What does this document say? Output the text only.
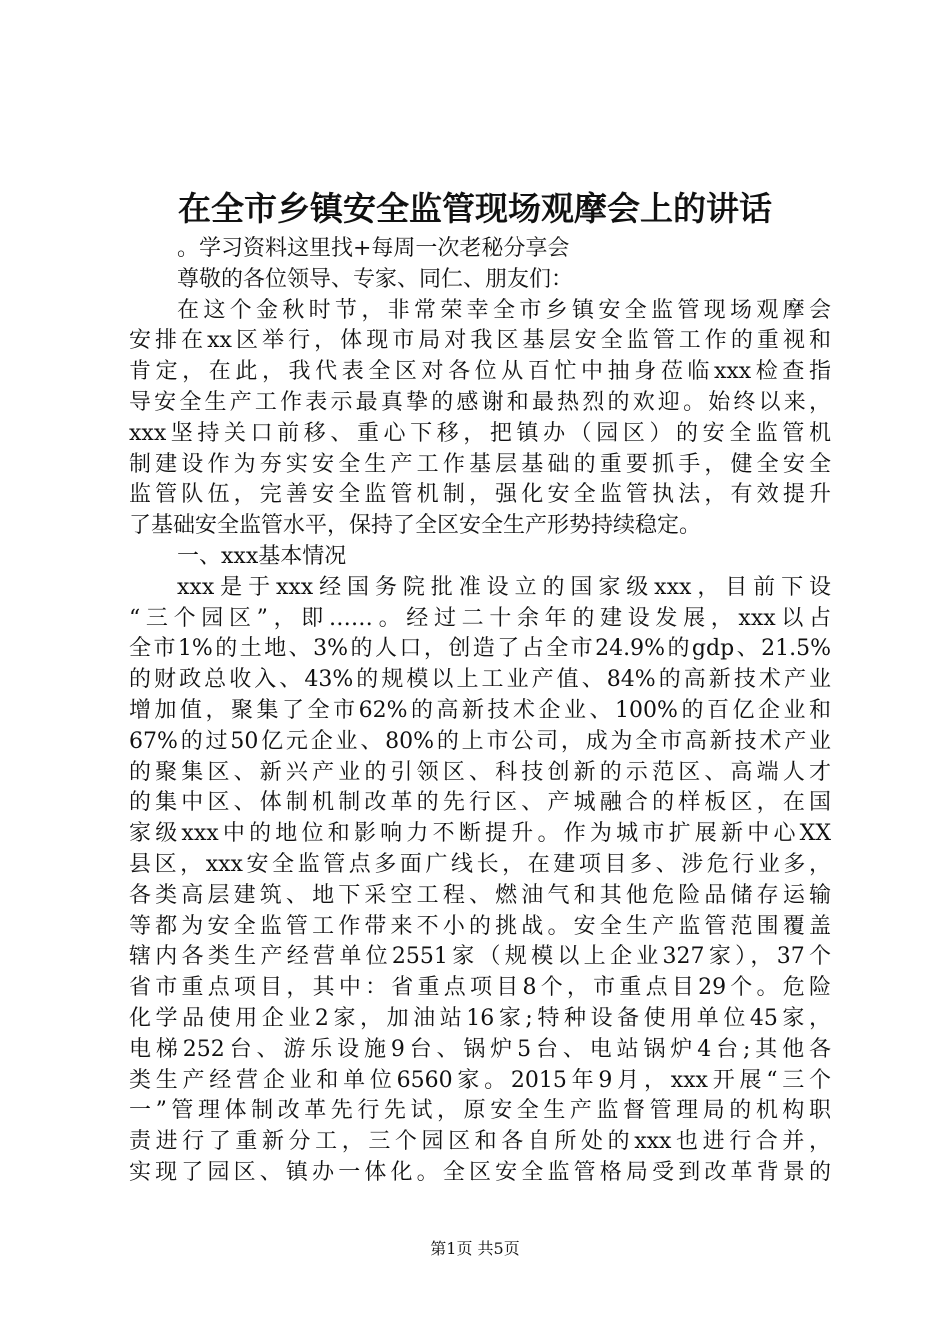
在全市乡镇安全监管现场观摩会上的讲话
。学习资料这里找+每周一次老秘分享会
尊敬的各位领导、专家、同仁、朋友们：
在这个金秋时节，非常荣幸全市乡镇安全监管现场观摩会
安排在xx区举行，体现市局对我区基层安全监管工作的重视和
肯定，在此，我代表全区对各位从百忙中抽身莅临xxx检查指
导安全生产工作表示最真挚的感谢和最热烈的欢迎。始终以来，
xxx坚持关口前移、重心下移，把镇办（园区）的安全监管机
制建设作为夯实安全生产工作基层基础的重要抓手，健全安全
监管队伍，完善安全监管机制，强化安全监管执法，有效提升
了基础安全监管水平，保持了全区安全生产形势持续稳定。
一、xxx基本情况
xxx是于xxx经国务院批准设立的国家级xxx，目前下设
“三个园区”，即……。经过二十余年的建设发展，xxx以占
全市1%的土地、3%的人口，创造了占全市24.9%的gdp、21.5%
的财政总收入、43%的规模以上工业产值、84%的高新技术产业
增加值，聚集了全市62%的高新技术企业、100%的百亿企业和
67%的过50亿元企业、80%的上市公司，成为全市高新技术产业
的聚集区、新兴产业的引领区、科技创新的示范区、高端人才
的集中区、体制机制改革的先行区、产城融合的样板区，在国
家级xxx中的地位和影响力不断提升。作为城市扩展新中心XX
县区，xxx安全监管点多面广线长，在建项目多、涉危行业多，
各类高层建筑、地下采空工程、燃油气和其他危险品储存运输
等都为安全监管工作带来不小的挑战。安全生产监管范围覆盖
辖内各类生产经营单位2551家（规模以上企业327家），37个
省市重点项目，其中：省重点项目8个，市重点目29个。危险
化学品使用企业2家，加油站16家;特种设备使用单位45家，
电梯252台、游乐设施9台、锅炉5台、电站锅炉4台;其他各
类生产经营企业和单位6560家。2015年9月，xxx开展“三个
一”管理体制改革先行先试，原安全生产监督管理局的机构职
责进行了重新分工，三个园区和各自所处的xxx也进行合并，
实现了园区、镇办一体化。全区安全监管格局受到改革背景的
第1页 共5页
